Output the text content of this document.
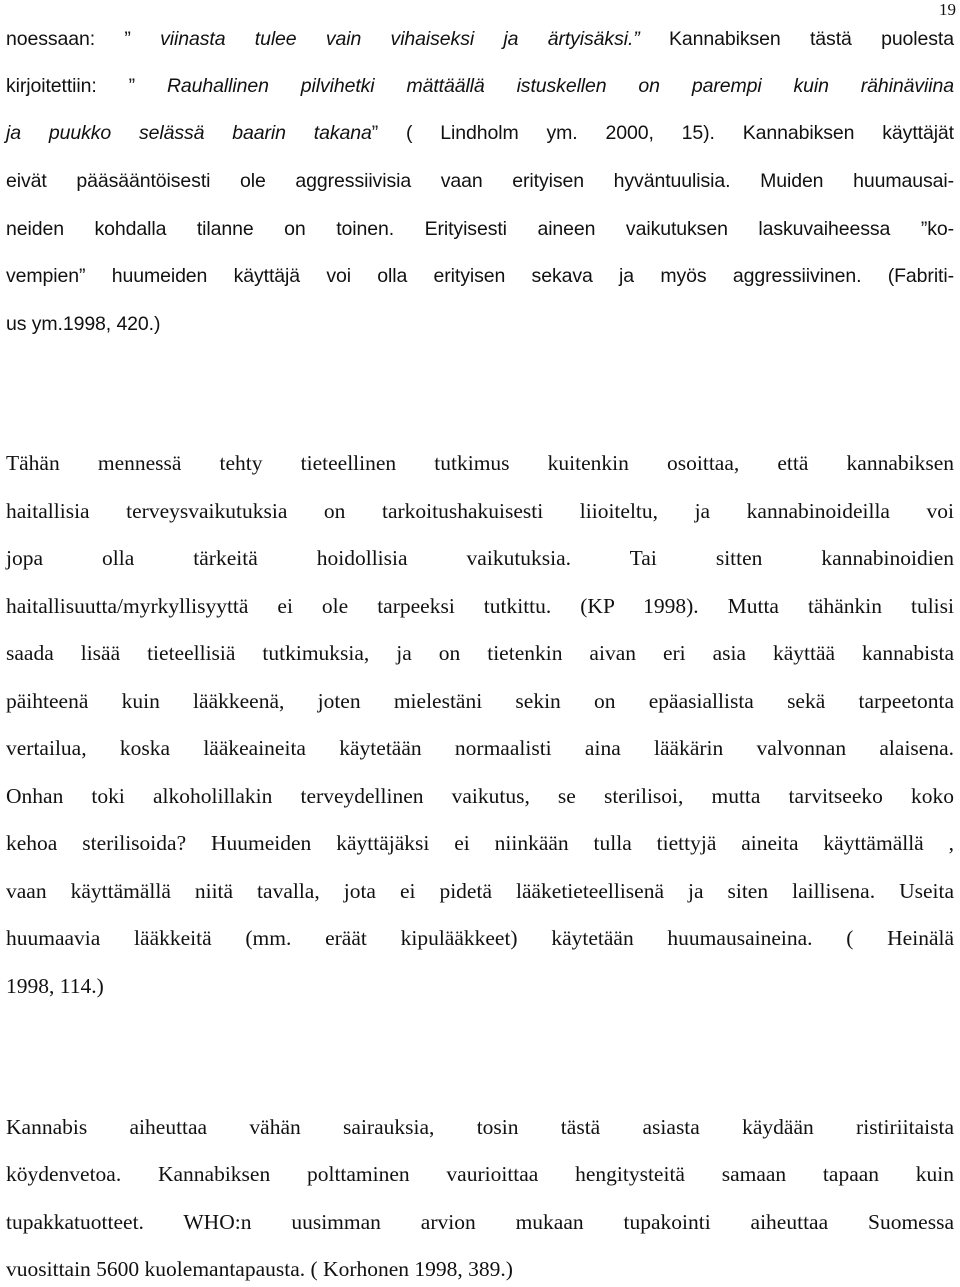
19
noessaan: ” viinasta tulee vain vihaiseksi ja ärtyisäksi.” Kannabiksen tästä puolesta
kirjoitettiin: ” Rauhallinen pilvihetki mättäällä istuskellen on parempi kuin rähinäviina
ja puukko selässä baarin takana” ( Lindholm ym. 2000, 15). Kannabiksen käyttäjät
eivät pääsääntöisesti ole aggressiivisia vaan erityisen hyväntuulisia. Muiden huumausai-
neiden kohdalla tilanne on toinen. Erityisesti aineen vaikutuksen laskuvaiheessa ”ko-
vempien” huumeiden käyttäjä voi olla erityisen sekava ja myös aggressiivinen. (Fabriti-
us ym.1998, 420.)
Tähän mennessä tehty tieteellinen tutkimus kuitenkin osoittaa, että kannabiksen
haitallisia terveysvaikutuksia on tarkoitushakuisesti liioiteltu, ja kannabinoideilla voi
jopa olla tärkeitä hoidollisia vaikutuksia. Tai sitten kannabinoidien
haitallisuutta/myrkyllisyyttä ei ole tarpeeksi tutkittu. (KP 1998). Mutta tähänkin tulisi
saada lisää tieteellisiä tutkimuksia, ja on tietenkin aivan eri asia käyttää kannabista
päihteenä kuin lääkkeenä, joten mielestäni sekin on epäasiallista sekä tarpeetonta
vertailua, koska lääkeaineita käytetään normaalisti aina lääkärin valvonnan alaisena.
Onhan toki alkoholillakin terveydellinen vaikutus, se sterilisoi, mutta tarvitseeko koko
kehoa sterilisoida? Huumeiden käyttäjäksi ei niinkään tulla tiettyjä aineita käyttämällä ,
vaan käyttämällä niitä tavalla, jota ei pidetä lääketieteellisenä ja siten laillisena. Useita
huumaavia lääkkeitä (mm. eräät kipulääkkeet) käytetään huumausaineina. ( Heinälä
1998, 114.)
Kannabis aiheuttaa vähän sairauksia, tosin tästä asiasta käydään ristiriitaista
köydenvetoa. Kannabiksen polttaminen vaurioittaa hengitysteitä samaan tapaan kuin
tupakkatuotteet. WHO:n uusimman arvion mukaan tupakointi aiheuttaa Suomessa
vuosittain 5600 kuolemantapausta. ( Korhonen 1998, 389.)
